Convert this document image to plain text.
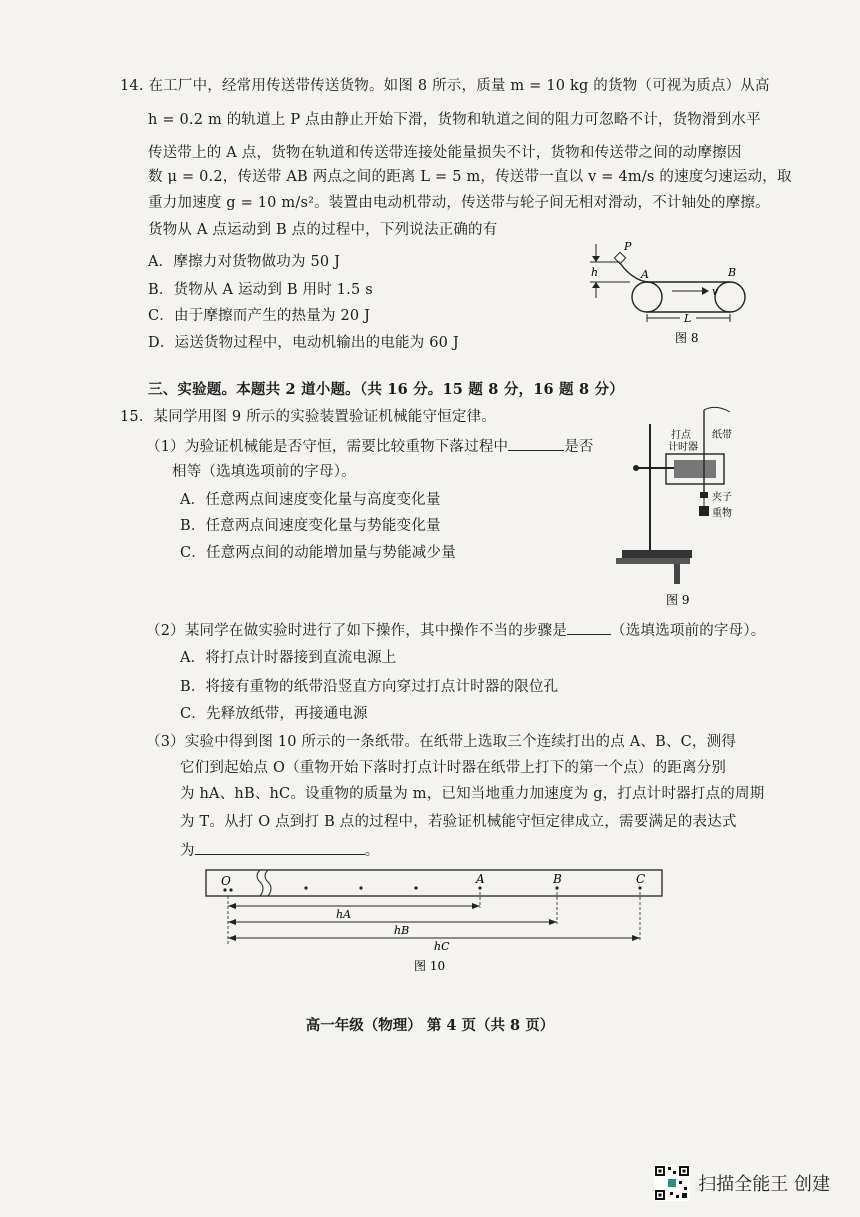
14. 在工厂中，经常用传送带传送货物。如图 8 所示，质量 m = 10 kg 的货物（可视为质点）从高
h = 0.2 m 的轨道上 P 点由静止开始下滑，货物和轨道之间的阻力可忽略不计，货物滑到水平
传送带上的 A 点，货物在轨道和传送带连接处能量损失不计，货物和传送带之间的动摩擦因
数 μ = 0.2，传送带 AB 两点之间的距离 L = 5 m，传送带一直以 v = 4m/s 的速度匀速运动，取
重力加速度 g = 10 m/s²。装置由电动机带动，传送带与轮子间无相对滑动，不计轴处的摩擦。
货物从 A 点运动到 B 点的过程中，下列说法正确的有
A．摩擦力对货物做功为 50 J
B．货物从 A 运动到 B 用时 1.5 s
C．由于摩擦而产生的热量为 20 J
D．运送货物过程中，电动机输出的电能为 60 J
h
P
A	B
v
L
图 8
三、实验题。本题共 2 道小题。（共 16 分。15 题 8 分，16 题 8 分）
15．某同学用图 9 所示的实验装置验证机械能守恒定律。
（1）为验证机械能是否守恒，需要比较重物下落过程中	是否
相等（选填选项前的字母）。
A．任意两点间速度变化量与高度变化量
B．任意两点间速度变化量与势能变化量
C．任意两点间的动能增加量与势能减少量
打点
计时器
纸带
夹子
重物
图 9
（2）某同学在做实验时进行了如下操作，其中操作不当的步骤是	（选填选项前的字母）。
A．将打点计时器接到直流电源上
B．将接有重物的纸带沿竖直方向穿过打点计时器的限位孔
C．先释放纸带，再接通电源
（3）实验中得到图 10 所示的一条纸带。在纸带上选取三个连续打出的点 A、B、C，测得
它们到起始点 O（重物开始下落时打点计时器在纸带上打下的第一个点）的距离分别
为 hA、hB、hC。设重物的质量为 m，已知当地重力加速度为 g，打点计时器打点的周期
为 T。从打 O 点到打 B 点的过程中，若验证机械能守恒定律成立，需要满足的表达式
为	。
O	A	B	C
hA
hB
hC
图 10
高一年级（物理） 第 4 页（共 8 页）
扫描全能王 创建
